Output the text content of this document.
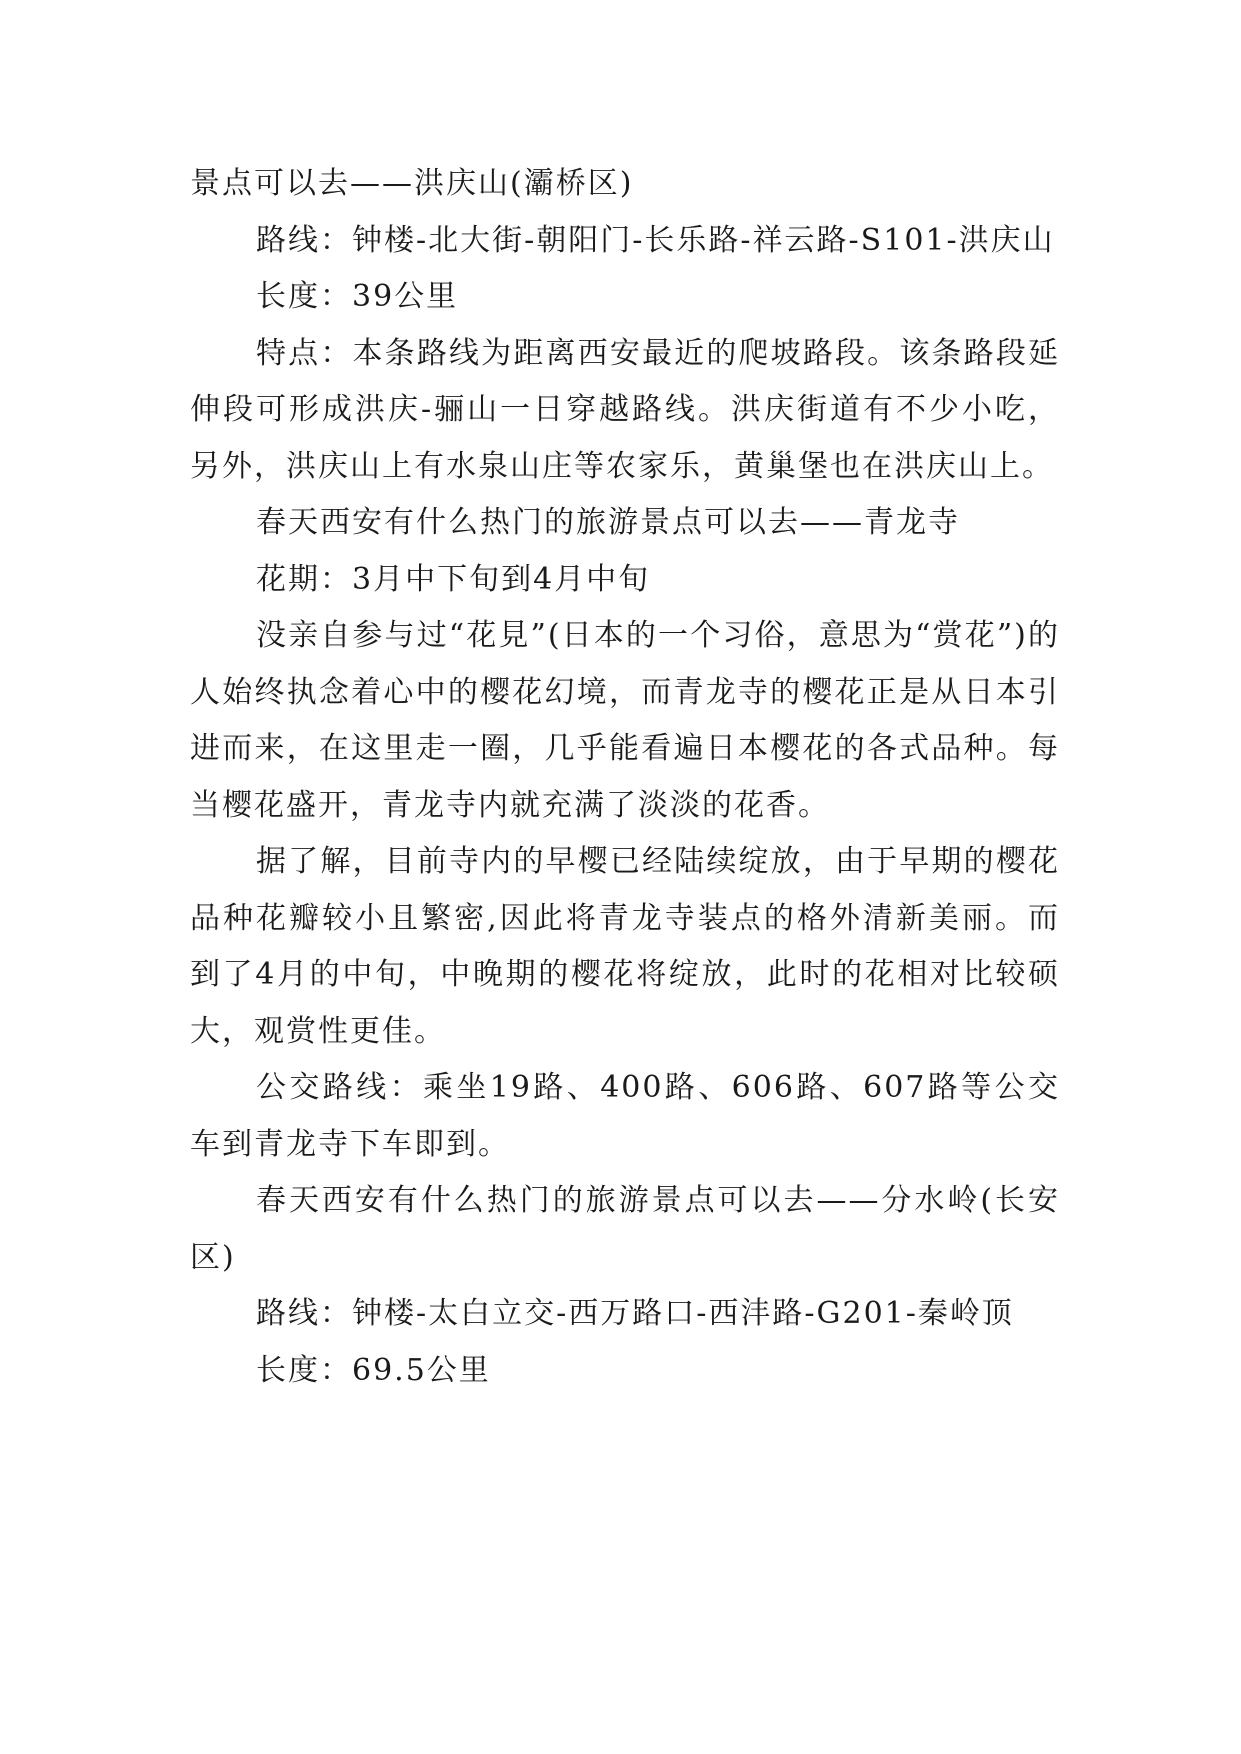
景点可以去——洪庆山(灞桥区)

路线：钟楼-北大街-朝阳门-长乐路-祥云路-S101-洪庆山

长度：39公里

特点：本条路线为距离西安最近的爬坡路段。该条路段延伸段可形成洪庆-骊山一日穿越路线。洪庆街道有不少小吃，另外，洪庆山上有水泉山庄等农家乐，黄巢堡也在洪庆山上。

春天西安有什么热门的旅游景点可以去——青龙寺

花期：3月中下旬到4月中旬

没亲自参与过“花見”(日本的一个习俗，意思为“赏花”)的人始终执念着心中的樱花幻境，而青龙寺的樱花正是从日本引进而来，在这里走一圈，几乎能看遍日本樱花的各式品种。每当樱花盛开，青龙寺内就充满了淡淡的花香。

据了解，目前寺内的早樱已经陆续绽放，由于早期的樱花品种花瓣较小且繁密,因此将青龙寺装点的格外清新美丽。而到了4月的中旬，中晚期的樱花将绽放，此时的花相对比较硕大，观赏性更佳。

公交路线：乘坐19路、400路、606路、607路等公交车到青龙寺下车即到。

春天西安有什么热门的旅游景点可以去——分水岭(长安区)

路线：钟楼-太白立交-西万路口-西沣路-G201-秦岭顶

长度：69.5公里
